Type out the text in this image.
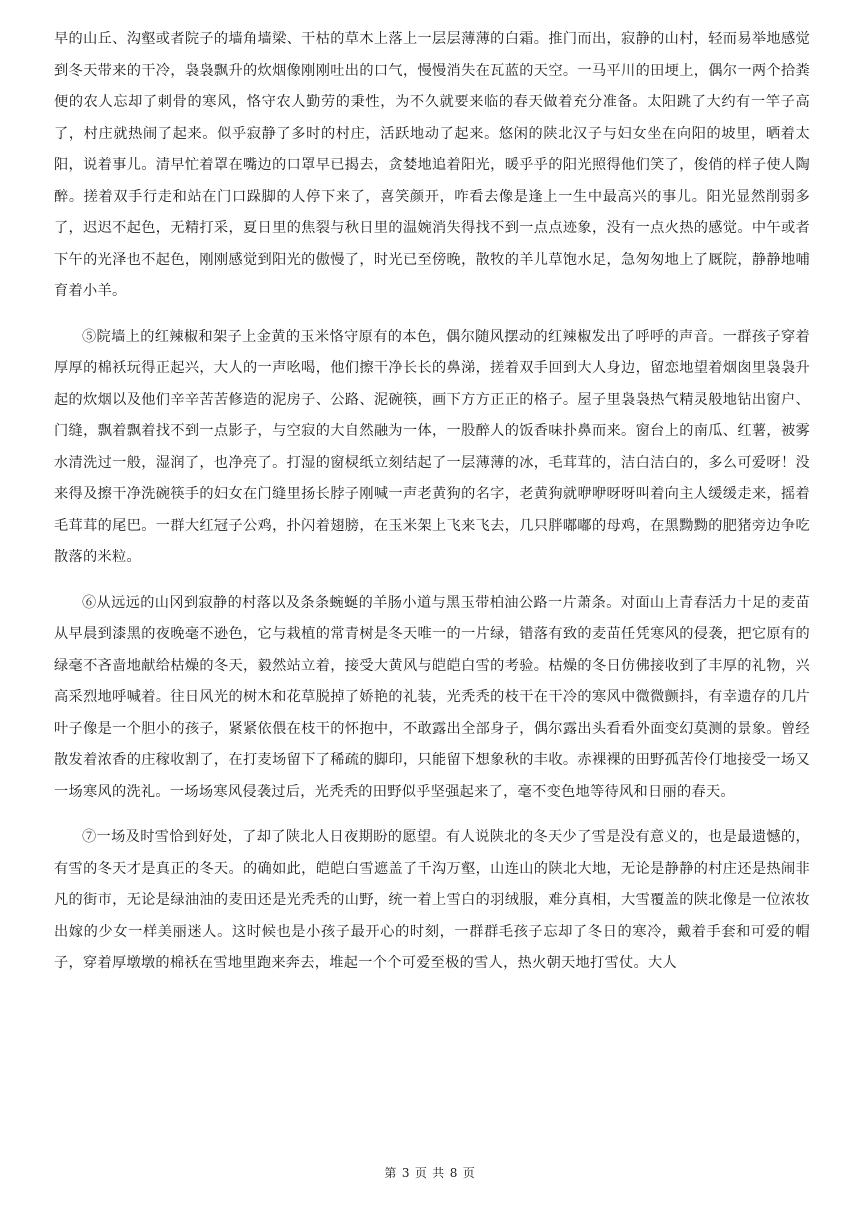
早的山丘、沟壑或者院子的墙角墙梁、干枯的草木上落上一层层薄薄的白霜。推门而出，寂静的山村，轻而易举地感觉到冬天带来的干冷，袅袅飘升的炊烟像刚刚吐出的口气，慢慢消失在瓦蓝的天空。一马平川的田埂上，偶尔一两个拾粪便的农人忘却了刺骨的寒风，恪守农人勤劳的秉性，为不久就要来临的春天做着充分准备。太阳跳了大约有一竿子高了，村庄就热闹了起来。似乎寂静了多时的村庄，活跃地动了起来。悠闲的陕北汉子与妇女坐在向阳的坡里，晒着太阳，说着事儿。清早忙着罩在嘴边的口罩早已揭去，贪婪地追着阳光，暖乎乎的阳光照得他们笑了，俊俏的样子使人陶醉。搓着双手行走和站在门口跺脚的人停下来了，喜笑颜开，咋看去像是逢上一生中最高兴的事儿。阳光显然削弱多了，迟迟不起色，无精打采，夏日里的焦裂与秋日里的温婉消失得找不到一点点迹象，没有一点火热的感觉。中午或者下午的光泽也不起色，刚刚感觉到阳光的傲慢了，时光已至傍晚，散牧的羊儿草饱水足，急匆匆地上了厩院，静静地哺育着小羊。

⑤院墙上的红辣椒和架子上金黄的玉米恪守原有的本色，偶尔随风摆动的红辣椒发出了呼呼的声音。一群孩子穿着厚厚的棉袄玩得正起兴，大人的一声吆喝，他们擦干净长长的鼻涕，搓着双手回到大人身边，留恋地望着烟囱里袅袅升起的炊烟以及他们辛辛苦苦修造的泥房子、公路、泥碗筷，画下方方正正的格子。屋子里袅袅热气精灵般地钻出窗户、门缝，飘着飘着找不到一点影子，与空寂的大自然融为一体，一股醉人的饭香味扑鼻而来。窗台上的南瓜、红薯，被雾水清洗过一般，湿润了，也净亮了。打湿的窗棂纸立刻结起了一层薄薄的冰，毛茸茸的，洁白洁白的，多么可爱呀！没来得及擦干净洗碗筷手的妇女在门缝里扬长脖子刚喊一声老黄狗的名字，老黄狗就咿咿呀呀叫着向主人缓缓走来，摇着毛茸茸的尾巴。一群大红冠子公鸡，扑闪着翅膀，在玉米架上飞来飞去，几只胖嘟嘟的母鸡，在黑黝黝的肥猪旁边争吃散落的米粒。

⑥从远远的山冈到寂静的村落以及条条蜿蜒的羊肠小道与黑玉带柏油公路一片萧条。对面山上青春活力十足的麦苗从早晨到漆黑的夜晚毫不逊色，它与栽植的常青树是冬天唯一的一片绿，错落有致的麦苗任凭寒风的侵袭，把它原有的绿毫不吝啬地献给枯燥的冬天，毅然站立着，接受大黄风与皑皑白雪的考验。枯燥的冬日仿佛接收到了丰厚的礼物，兴高采烈地呼喊着。往日风光的树木和花草脱掉了娇艳的礼装，光秃秃的枝干在干冷的寒风中微微颤抖，有幸遗存的几片叶子像是一个胆小的孩子，紧紧依偎在枝干的怀抱中，不敢露出全部身子，偶尔露出头看看外面变幻莫测的景象。曾经散发着浓香的庄稼收割了，在打麦场留下了稀疏的脚印，只能留下想象秋的丰收。赤裸裸的田野孤苦伶仃地接受一场又一场寒风的洗礼。一场场寒风侵袭过后，光秃秃的田野似乎坚强起来了，毫不变色地等待风和日丽的春天。

⑦一场及时雪恰到好处，了却了陕北人日夜期盼的愿望。有人说陕北的冬天少了雪是没有意义的，也是最遗憾的，有雪的冬天才是真正的冬天。的确如此，皑皑白雪遮盖了千沟万壑，山连山的陕北大地，无论是静静的村庄还是热闹非凡的街市，无论是绿油油的麦田还是光秃秃的山野，统一着上雪白的羽绒服，难分真相，大雪覆盖的陕北像是一位浓妆出嫁的少女一样美丽迷人。这时候也是小孩子最开心的时刻，一群群毛孩子忘却了冬日的寒冷，戴着手套和可爱的帽子，穿着厚墩墩的棉袄在雪地里跑来奔去，堆起一个个可爱至极的雪人，热火朝天地打雪仗。大人

第 3 页 共 8 页
